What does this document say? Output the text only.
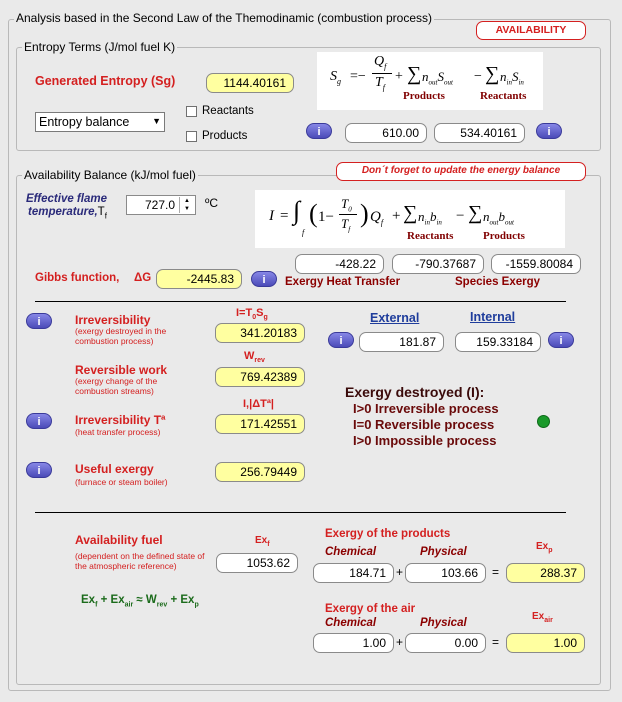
Analysis based in the Second Law of the Themodinamic (combustion process)
AVAILABILITY
Entropy Terms (J/mol fuel K)
Generated Entropy (Sg)	1144.40161
Entropy balance	▼
Reactants
Products
$S_g$ =−
$Q_f$
$T_f$
+ ∑ $n_{out}S_{out}$ − ∑ $n_{in}S_{in}$
Products	Reactants
i	610.00	534.40161	i
Availability Balance (kJ/mol fuel)	Don´t forget to update the energy balance
Effective flame
$temperature,T_f$
727.0	▲
▼	ºC
I = ∫
f
( 1−
$T_0$
$T_f$
) $Q_f$ + ∑ $n_{in}b_{in}$ − ∑ $n_{out}b_{out}$
Reactants	Products
-428.22	-790.37687	-1559.80084
Gibbs function, ΔG	-2445.83	i	Exergy Heat Transfer	Species Exergy
i	Irreversibility
(exergy destroyed in the combustion process)
$I=T_0S_g$
341.20183
External	Internal
i	181.87	159.33184	i
$W_{rev}$
Reversible work
(exergy change of the combustion streams)
769.42389
I,|ΔTª|
i	Irreversibility Tª
(heat transfer process)
171.42551
Exergy destroyed (I):
I>0 Irreversible process
I=0 Reversible process
I>0 Impossible process
i	Useful exergy
(furnace or steam boiler)
256.79449
Availability fuel
(dependent on the defined state of the atmospheric reference)
$Ex_f$
1053.62
$Ex_f + Ex_{air} \approx W_{rev} + Ex_p$
Exergy of the products
Chemical	Physical	$Ex_p$
184.71 +	103.66	=	288.37
Exergy of the air
Chemical	Physical
$Ex_{air}$
1.00 +	0.00	=	1.00
